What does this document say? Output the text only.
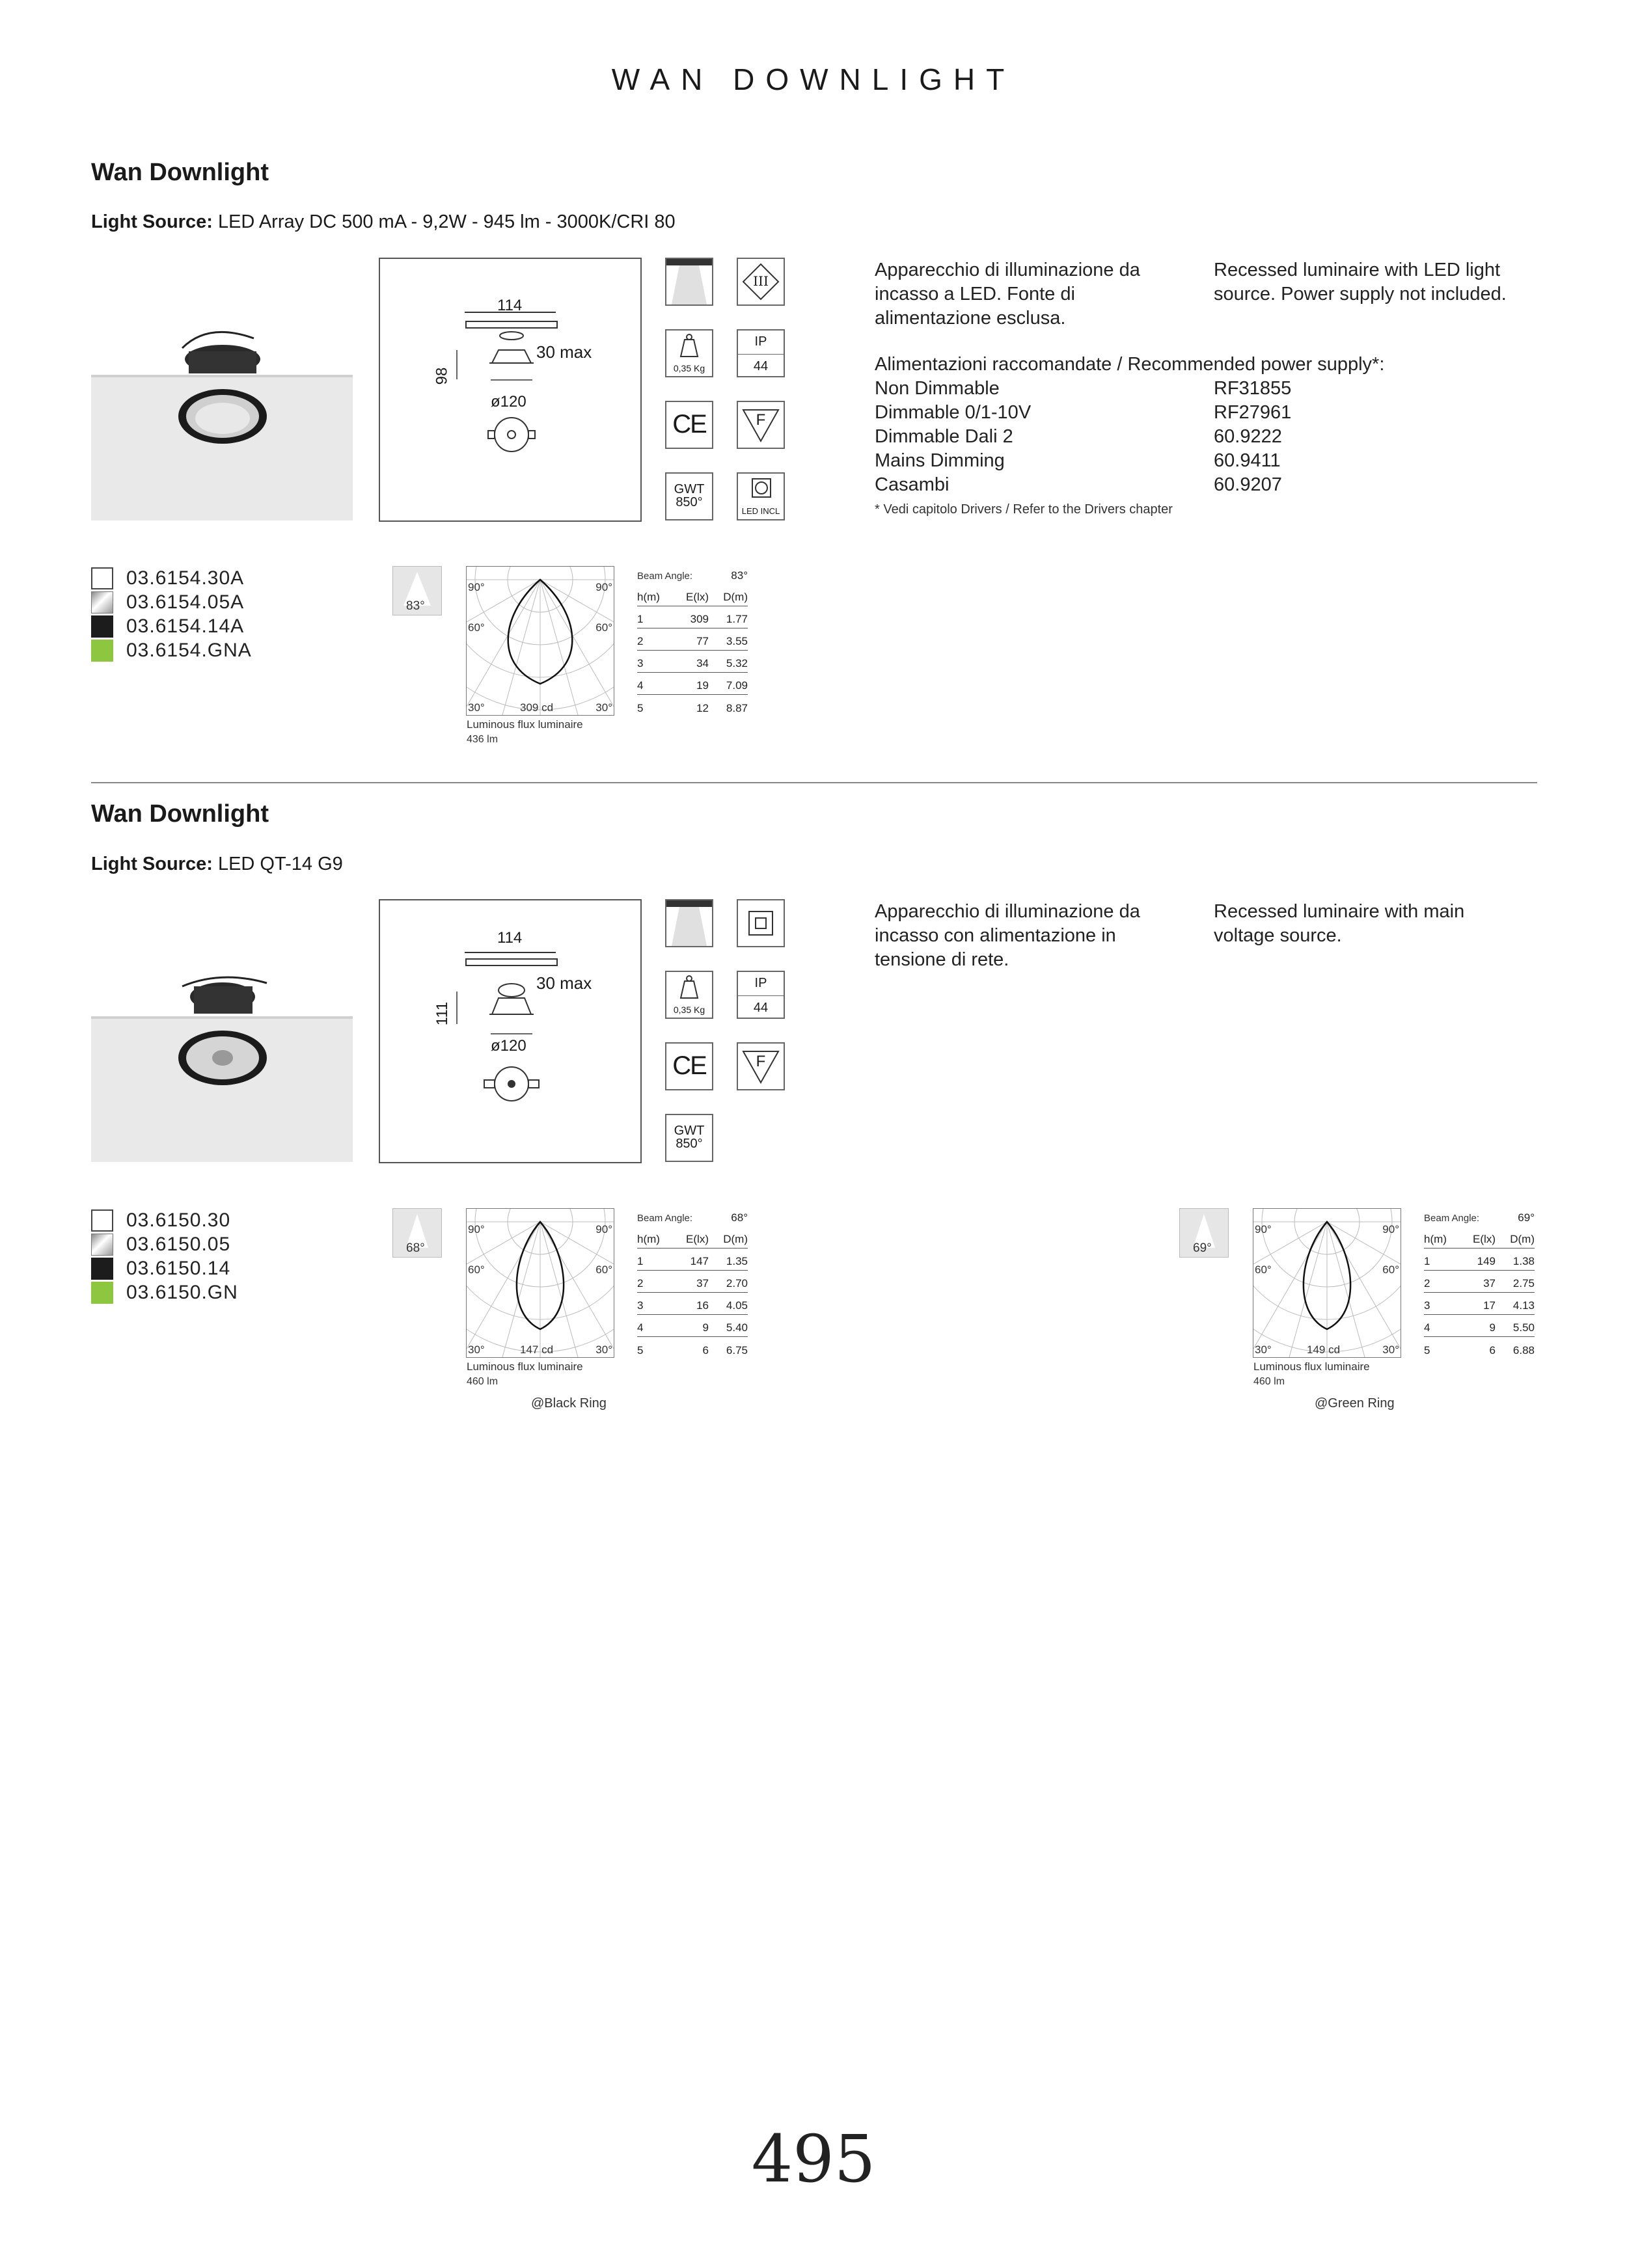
WAN DOWNLIGHT
Wan Downlight
Light Source: LED Array DC 500 mA - 9,2W - 945 lm - 3000K/CRI 80
114
30 max
98
ø120
III
0,35 Kg
IP
44
CE	F
GWT
850°
LED INCL
Apparecchio di illuminazione da incasso a LED. Fonte di alimentazione esclusa.
Recessed luminaire with LED light source. Power supply not included.
Alimentazioni raccomandate / Recommended power supply*:
Non Dimmable	RF31855
Dimmable 0/1-10V	RF27961
Dimmable Dali 2	60.9222
Mains Dimming	60.9411
Casambi	60.9207
* Vedi capitolo Drivers / Refer to the Drivers chapter
03.6154.30A
03.6154.05A
03.6154.14A
03.6154.GNA
83°
90°	90°
60°	60°
30°	30°
309 cd
Luminous flux luminaire
436 lm
Beam Angle:	83°
h(m)	E(lx)	D(m)
1	309	1.77
2	77	3.55
3	34	5.32
4	19	7.09
5	12	8.87
Wan Downlight
Light Source: LED QT-14 G9
114
30 max
111
ø120
0,35 Kg
IP
44
CE	F
GWT
850°
Apparecchio di illuminazione da incasso con alimentazione in tensione di rete.
Recessed luminaire with main voltage source.
03.6150.30
03.6150.05
03.6150.14
03.6150.GN
68°
90°	90°
60°	60°
30°	30°
147 cd
Luminous flux luminaire
460 lm
@Black Ring
Beam Angle:	68°
h(m)	E(lx)	D(m)
1	147	1.35
2	37	2.70
3	16	4.05
4	9	5.40
5	6	6.75
69°
90°	90°
60°	60°
30°	30°
149 cd
Luminous flux luminaire
460 lm
@Green Ring
Beam Angle:	69°
h(m)	E(lx)	D(m)
1	149	1.38
2	37	2.75
3	17	4.13
4	9	5.50
5	6	6.88
495
